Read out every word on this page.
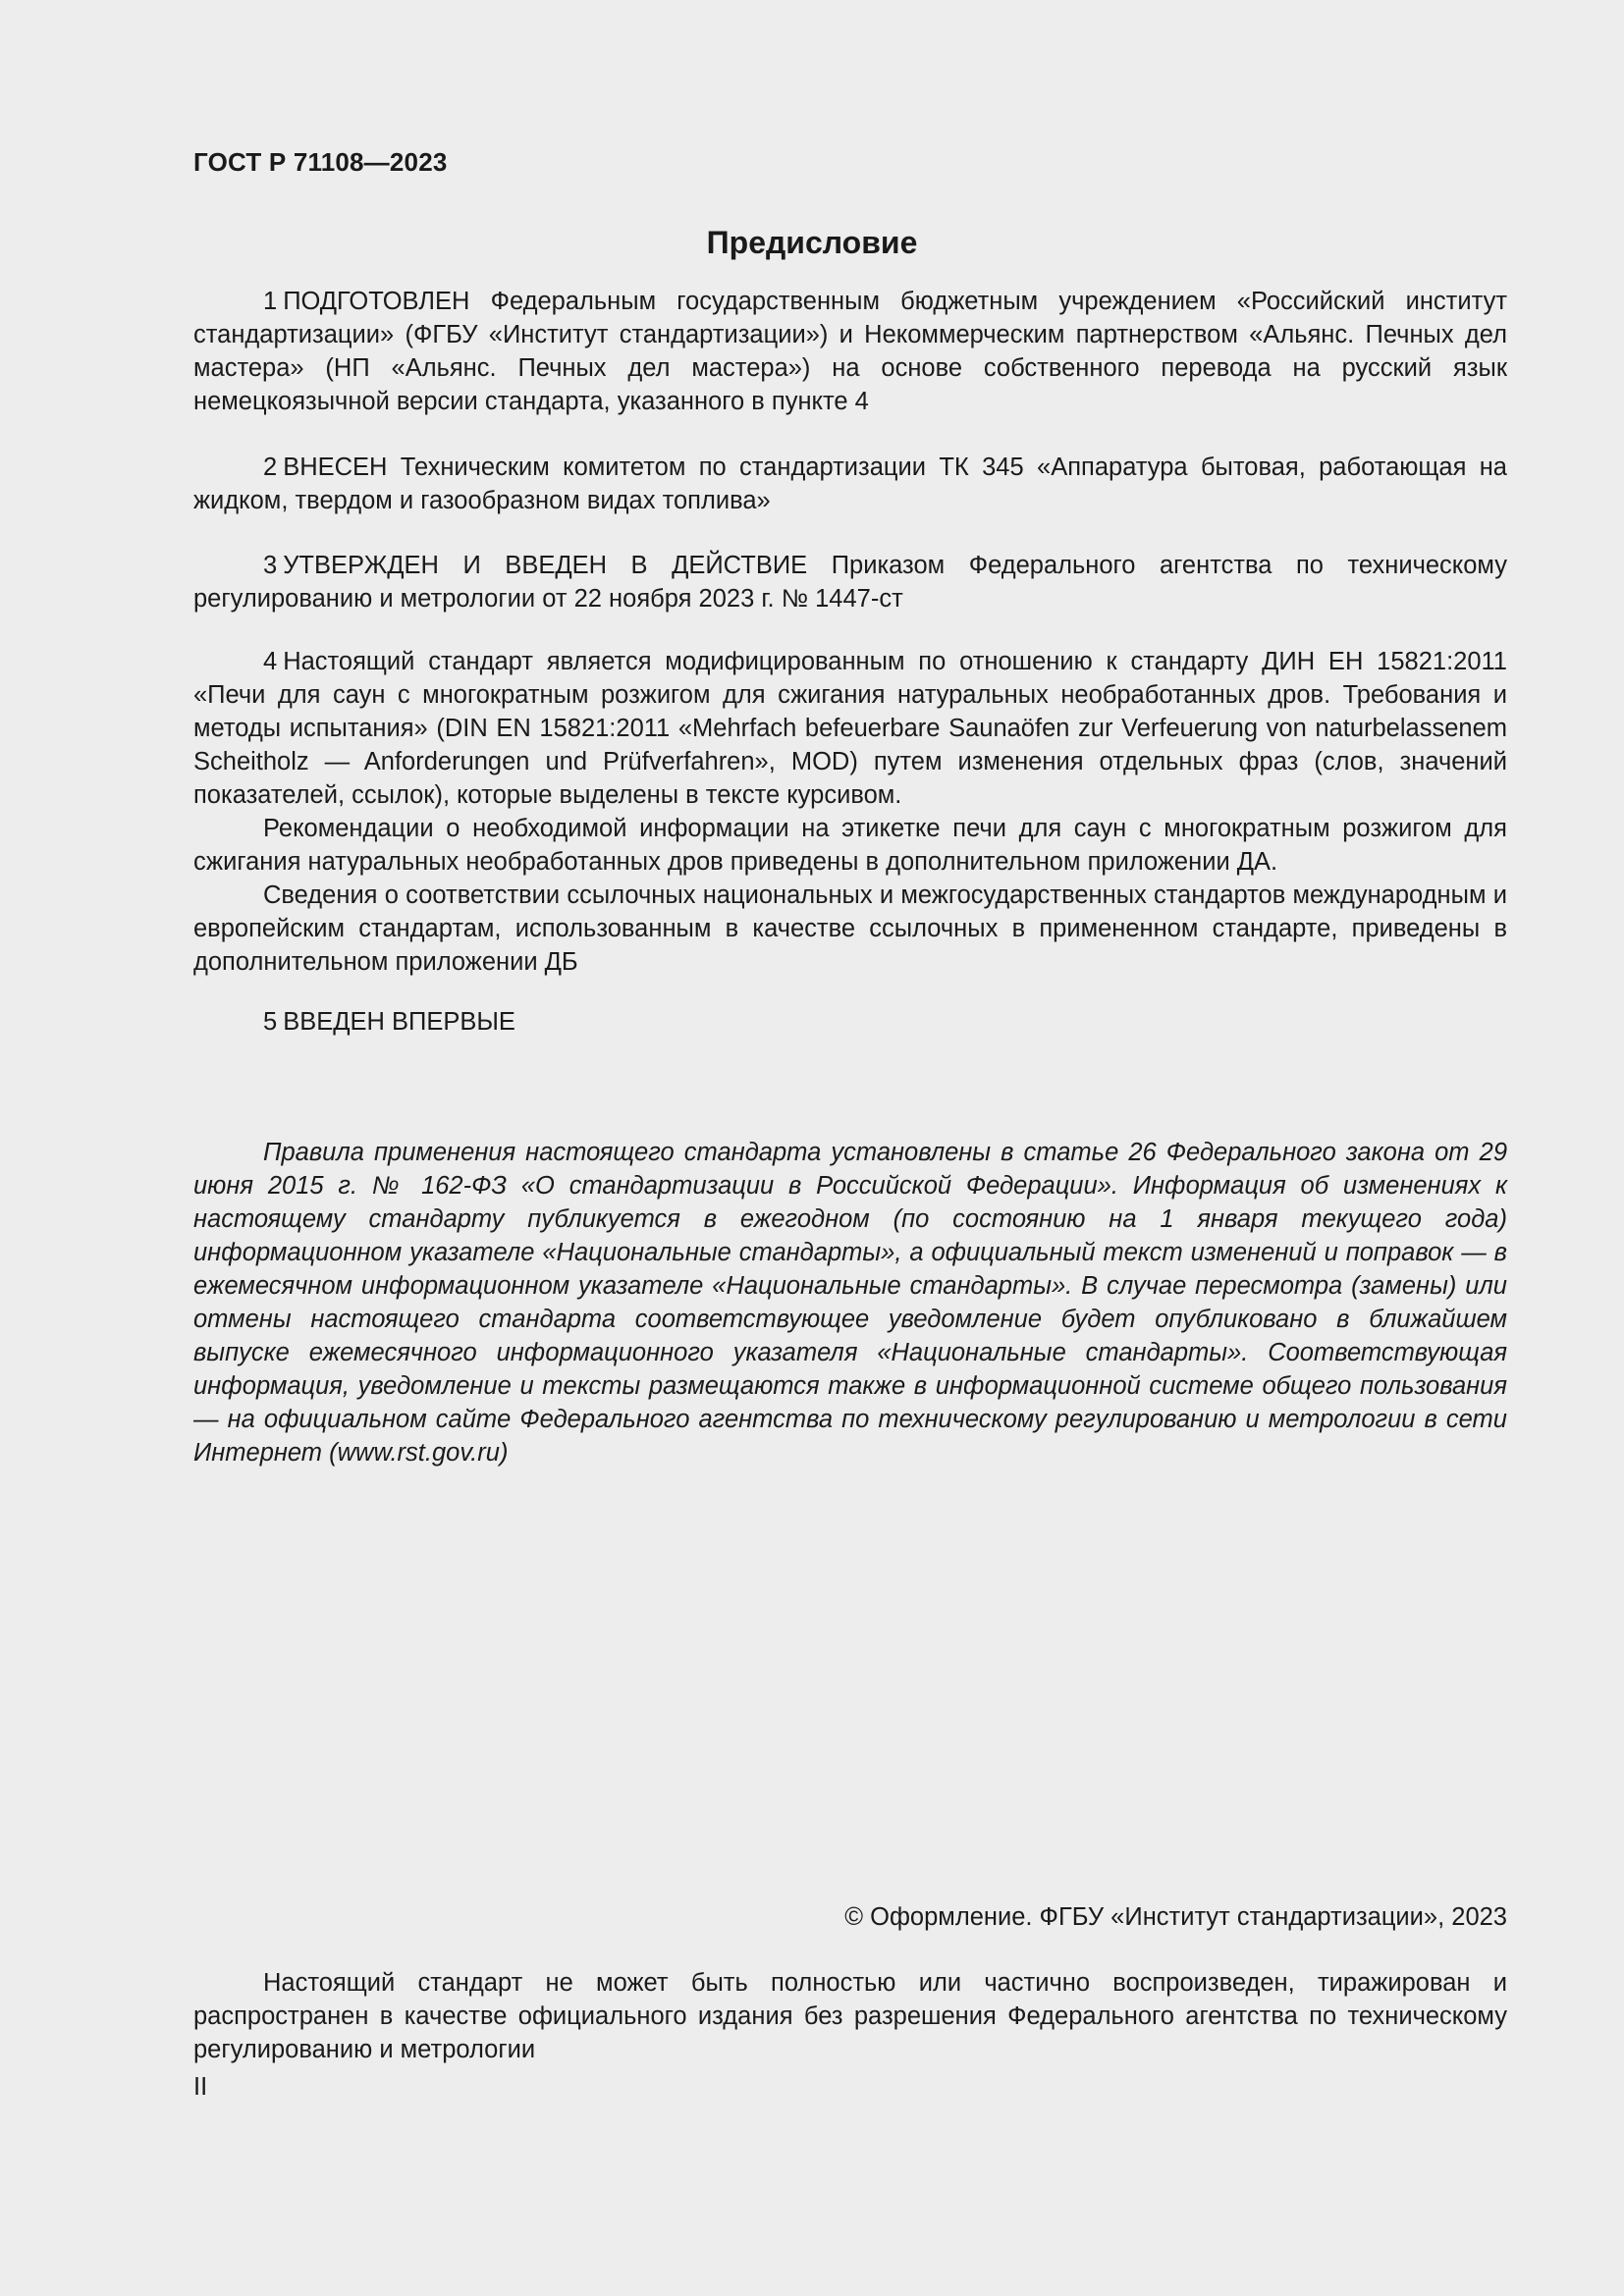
ГОСТ Р 71108—2023
Предисловие

1 ПОДГОТОВЛЕН Федеральным государственным бюджетным учреждением «Российский институт стандартизации» (ФГБУ «Институт стандартизации») и Некоммерческим партнерством «Альянс. Печных дел мастера» (НП «Альянс. Печных дел мастера») на основе собственного перевода на русский язык немецкоязычной версии стандарта, указанного в пункте 4

2 ВНЕСЕН Техническим комитетом по стандартизации ТК 345 «Аппаратура бытовая, работающая на жидком, твердом и газообразном видах топлива»

3 УТВЕРЖДЕН И ВВЕДЕН В ДЕЙСТВИЕ Приказом Федерального агентства по техническому регулированию и метрологии от 22 ноября 2023 г. № 1447-ст

4 Настоящий стандарт является модифицированным по отношению к стандарту ДИН ЕН 15821:2011 «Печи для саун с многократным розжигом для сжигания натуральных необработанных дров. Требования и методы испытания» (DIN EN 15821:2011 «Mehrfach befeuerbare Saunaöfen zur Verfeuerung von naturbelassenem Scheitholz — Anforderungen und Prüfverfahren», MOD) путем изменения отдельных фраз (слов, значений показателей, ссылок), которые выделены в тексте курсивом.

Рекомендации о необходимой информации на этикетке печи для саун с многократным розжигом для сжигания натуральных необработанных дров приведены в дополнительном приложении ДА.

Сведения о соответствии ссылочных национальных и межгосударственных стандартов международным и европейским стандартам, использованным в качестве ссылочных в примененном стандарте, приведены в дополнительном приложении ДБ

5 ВВЕДЕН ВПЕРВЫЕ

Правила применения настоящего стандарта установлены в статье 26 Федерального закона от 29 июня 2015 г. № 162-ФЗ «О стандартизации в Российской Федерации». Информация об изменениях к настоящему стандарту публикуется в ежегодном (по состоянию на 1 января текущего года) информационном указателе «Национальные стандарты», а официальный текст изменений и поправок — в ежемесячном информационном указателе «Национальные стандарты». В случае пересмотра (замены) или отмены настоящего стандарта соответствующее уведомление будет опубликовано в ближайшем выпуске ежемесячного информационного указателя «Национальные стандарты». Соответствующая информация, уведомление и тексты размещаются также в информационной системе общего пользования — на официальном сайте Федерального агентства по техническому регулированию и метрологии в сети Интернет (www.rst.gov.ru)

© Оформление. ФГБУ «Институт стандартизации», 2023

Настоящий стандарт не может быть полностью или частично воспроизведен, тиражирован и распространен в качестве официального издания без разрешения Федерального агентства по техническому регулированию и метрологии

II
